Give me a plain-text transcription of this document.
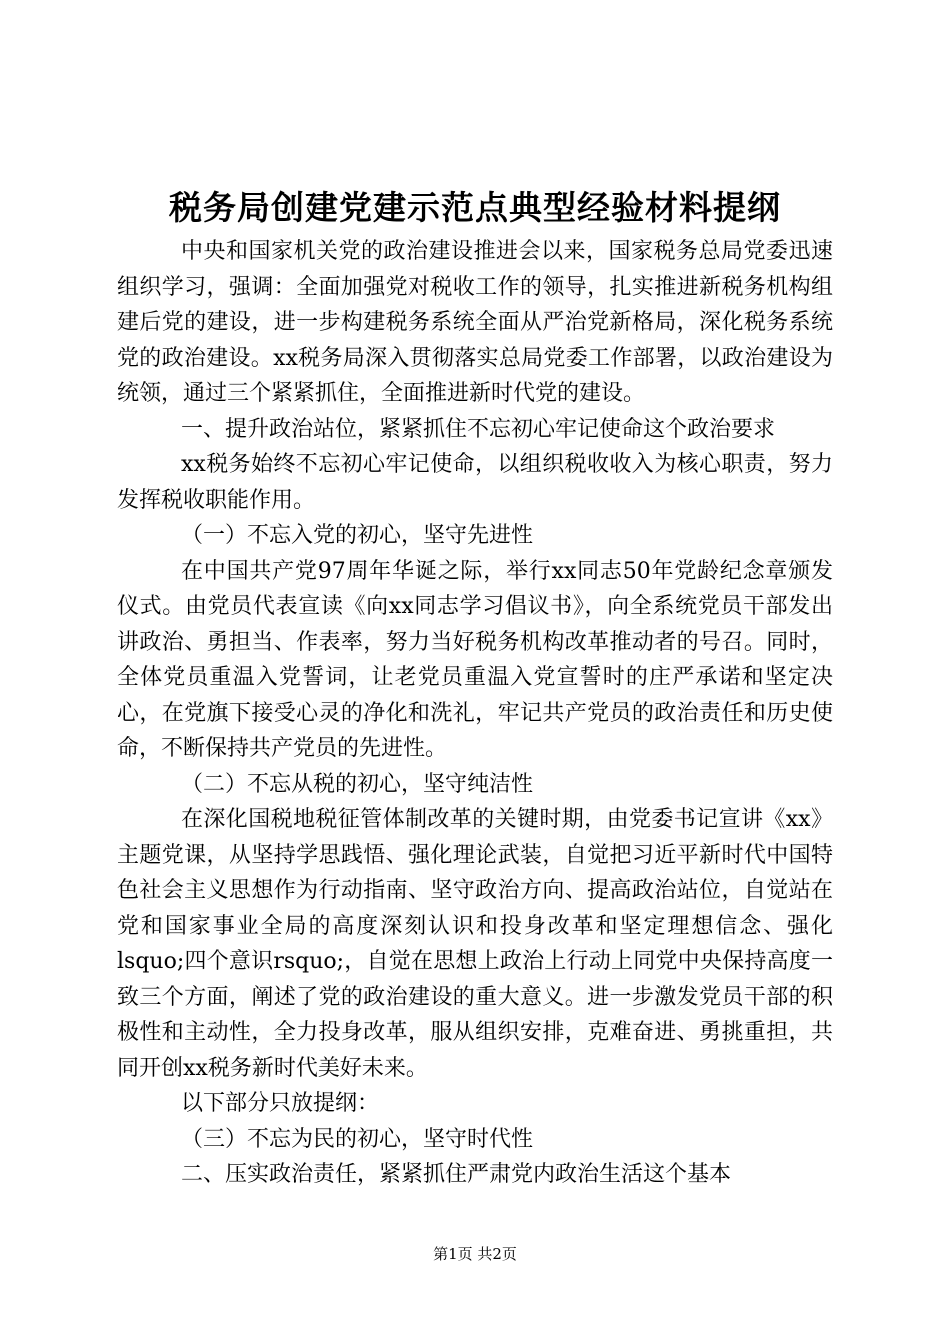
税务局创建党建示范点典型经验材料提纲

中央和国家机关党的政治建设推进会以来，国家税务总局党委迅速组织学习，强调：全面加强党对税收工作的领导，扎实推进新税务机构组建后党的建设，进一步构建税务系统全面从严治党新格局，深化税务系统党的政治建设。xx税务局深入贯彻落实总局党委工作部署，以政治建设为统领，通过三个紧紧抓住，全面推进新时代党的建设。

一、提升政治站位，紧紧抓住不忘初心牢记使命这个政治要求

xx税务始终不忘初心牢记使命，以组织税收收入为核心职责，努力发挥税收职能作用。

（一）不忘入党的初心，坚守先进性

在中国共产党97周年华诞之际，举行xx同志50年党龄纪念章颁发仪式。由党员代表宣读《向xx同志学习倡议书》，向全系统党员干部发出讲政治、勇担当、作表率，努力当好税务机构改革推动者的号召。同时，全体党员重温入党誓词，让老党员重温入党宣誓时的庄严承诺和坚定决心，在党旗下接受心灵的净化和洗礼，牢记共产党员的政治责任和历史使命，不断保持共产党员的先进性。

（二）不忘从税的初心，坚守纯洁性

在深化国税地税征管体制改革的关键时期，由党委书记宣讲《xx》主题党课，从坚持学思践悟、强化理论武装，自觉把习近平新时代中国特色社会主义思想作为行动指南、坚守政治方向、提高政治站位，自觉站在党和国家事业全局的高度深刻认识和投身改革和坚定理想信念、强化lsquo;四个意识rsquo;，自觉在思想上政治上行动上同党中央保持高度一致三个方面，阐述了党的政治建设的重大意义。进一步激发党员干部的积极性和主动性，全力投身改革，服从组织安排，克难奋进、勇挑重担，共同开创xx税务新时代美好未来。

以下部分只放提纲：

（三）不忘为民的初心，坚守时代性

二、压实政治责任，紧紧抓住严肃党内政治生活这个基本

第1页 共2页
